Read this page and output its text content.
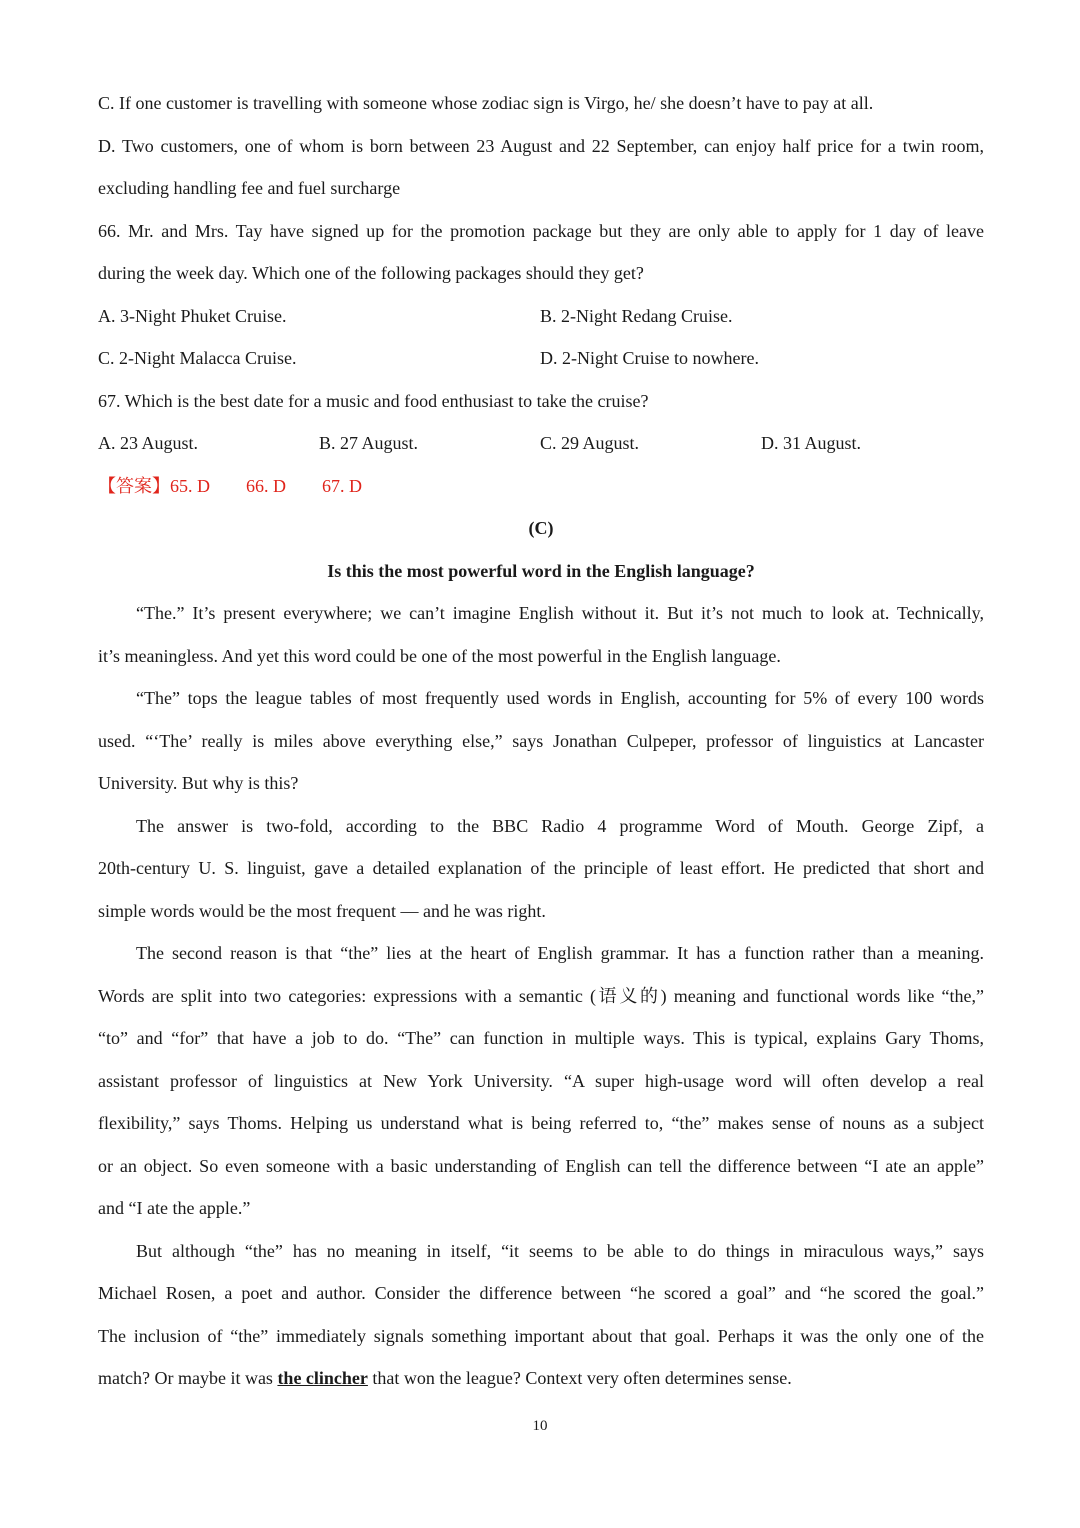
C. If one customer is travelling with someone whose zodiac sign is Virgo, he/ she doesn’t have to pay at all.
D. Two customers, one of whom is born between 23 August and 22 September, can enjoy half price for a twin room,
excluding handling fee and fuel surcharge
66. Mr. and Mrs. Tay have signed up for the promotion package but they are only able to apply for 1 day of leave
during the week day. Which one of the following packages should they get?
A. 3-Night Phuket Cruise.	B. 2-Night Redang Cruise.
C. 2-Night Malacca Cruise.	D. 2-Night Cruise to nowhere.
67. Which is the best date for a music and food enthusiast to take the cruise?
A. 23 August.	B. 27 August.	C. 29 August.	D. 31 August.
【答案】65. D 66. D 67. D
(C)
Is this the most powerful word in the English language?
“The.” It’s present everywhere; we can’t imagine English without it. But it’s not much to look at. Technically,
it’s meaningless. And yet this word could be one of the most powerful in the English language.
“The” tops the league tables of most frequently used words in English, accounting for 5% of every 100 words
used. “‘The’ really is miles above everything else,” says Jonathan Culpeper, professor of linguistics at Lancaster
University. But why is this?
The answer is two-fold, according to the BBC Radio 4 programme Word of Mouth. George Zipf, a
20th-century U. S. linguist, gave a detailed explanation of the principle of least effort. He predicted that short and
simple words would be the most frequent — and he was right.
The second reason is that “the” lies at the heart of English grammar. It has a function rather than a meaning.
Words are split into two categories: expressions with a semantic (语义的) meaning and functional words like “the,”
“to” and “for” that have a job to do. “The” can function in multiple ways. This is typical, explains Gary Thoms,
assistant professor of linguistics at New York University. “A super high-usage word will often develop a real
flexibility,” says Thoms. Helping us understand what is being referred to, “the” makes sense of nouns as a subject
or an object. So even someone with a basic understanding of English can tell the difference between “I ate an apple”
and “I ate the apple.”
But although “the” has no meaning in itself, “it seems to be able to do things in miraculous ways,” says
Michael Rosen, a poet and author. Consider the difference between “he scored a goal” and “he scored the goal.”
The inclusion of “the” immediately signals something important about that goal. Perhaps it was the only one of the
match? Or maybe it was the clincher that won the league? Context very often determines sense.
10
